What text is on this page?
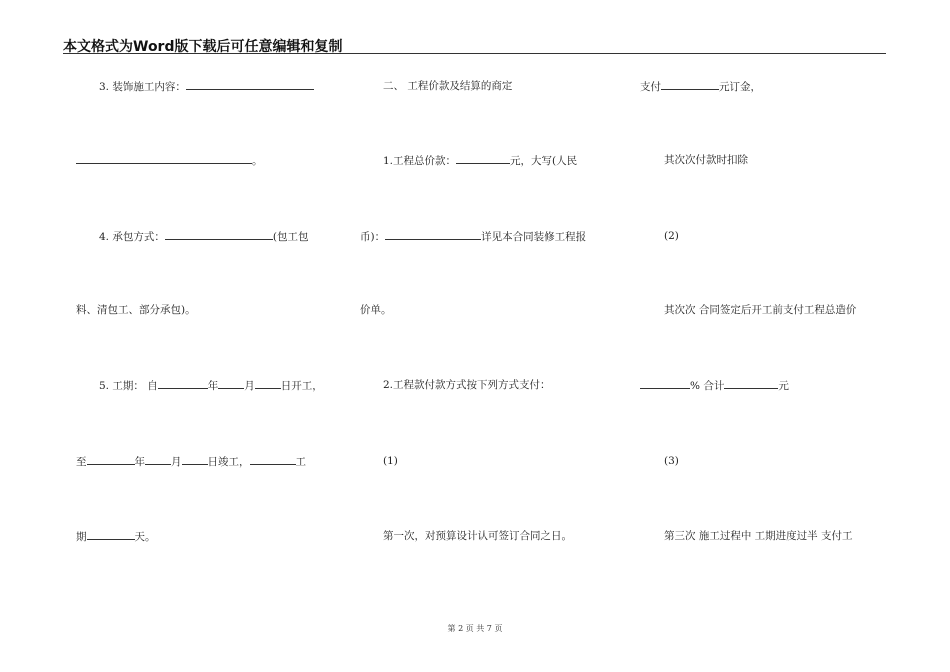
本文格式为Word版下载后可任意编辑和复制
3. 装饰施工内容：
。
4. 承包方式：	(包工包
料、清包工、部分承包)。
5. 工期： 自	年 月 日开工，
至	年 月 日竣工，	工
期	天。
二、 工程价款及结算的商定
1.工程总价款：	元，大写(人民
币)：	详见本合同装修工程报
价单。
2.工程款付款方式按下列方式支付：
(1)
第一次，对预算设计认可签订合同之日。
支付	元订金，
其次次付款时扣除
(2)
其次次 合同签定后开工前支付工程总造价
% 合计	元
(3)
第三次 施工过程中 工期进度过半 支付工
第 2 页 共 7 页
